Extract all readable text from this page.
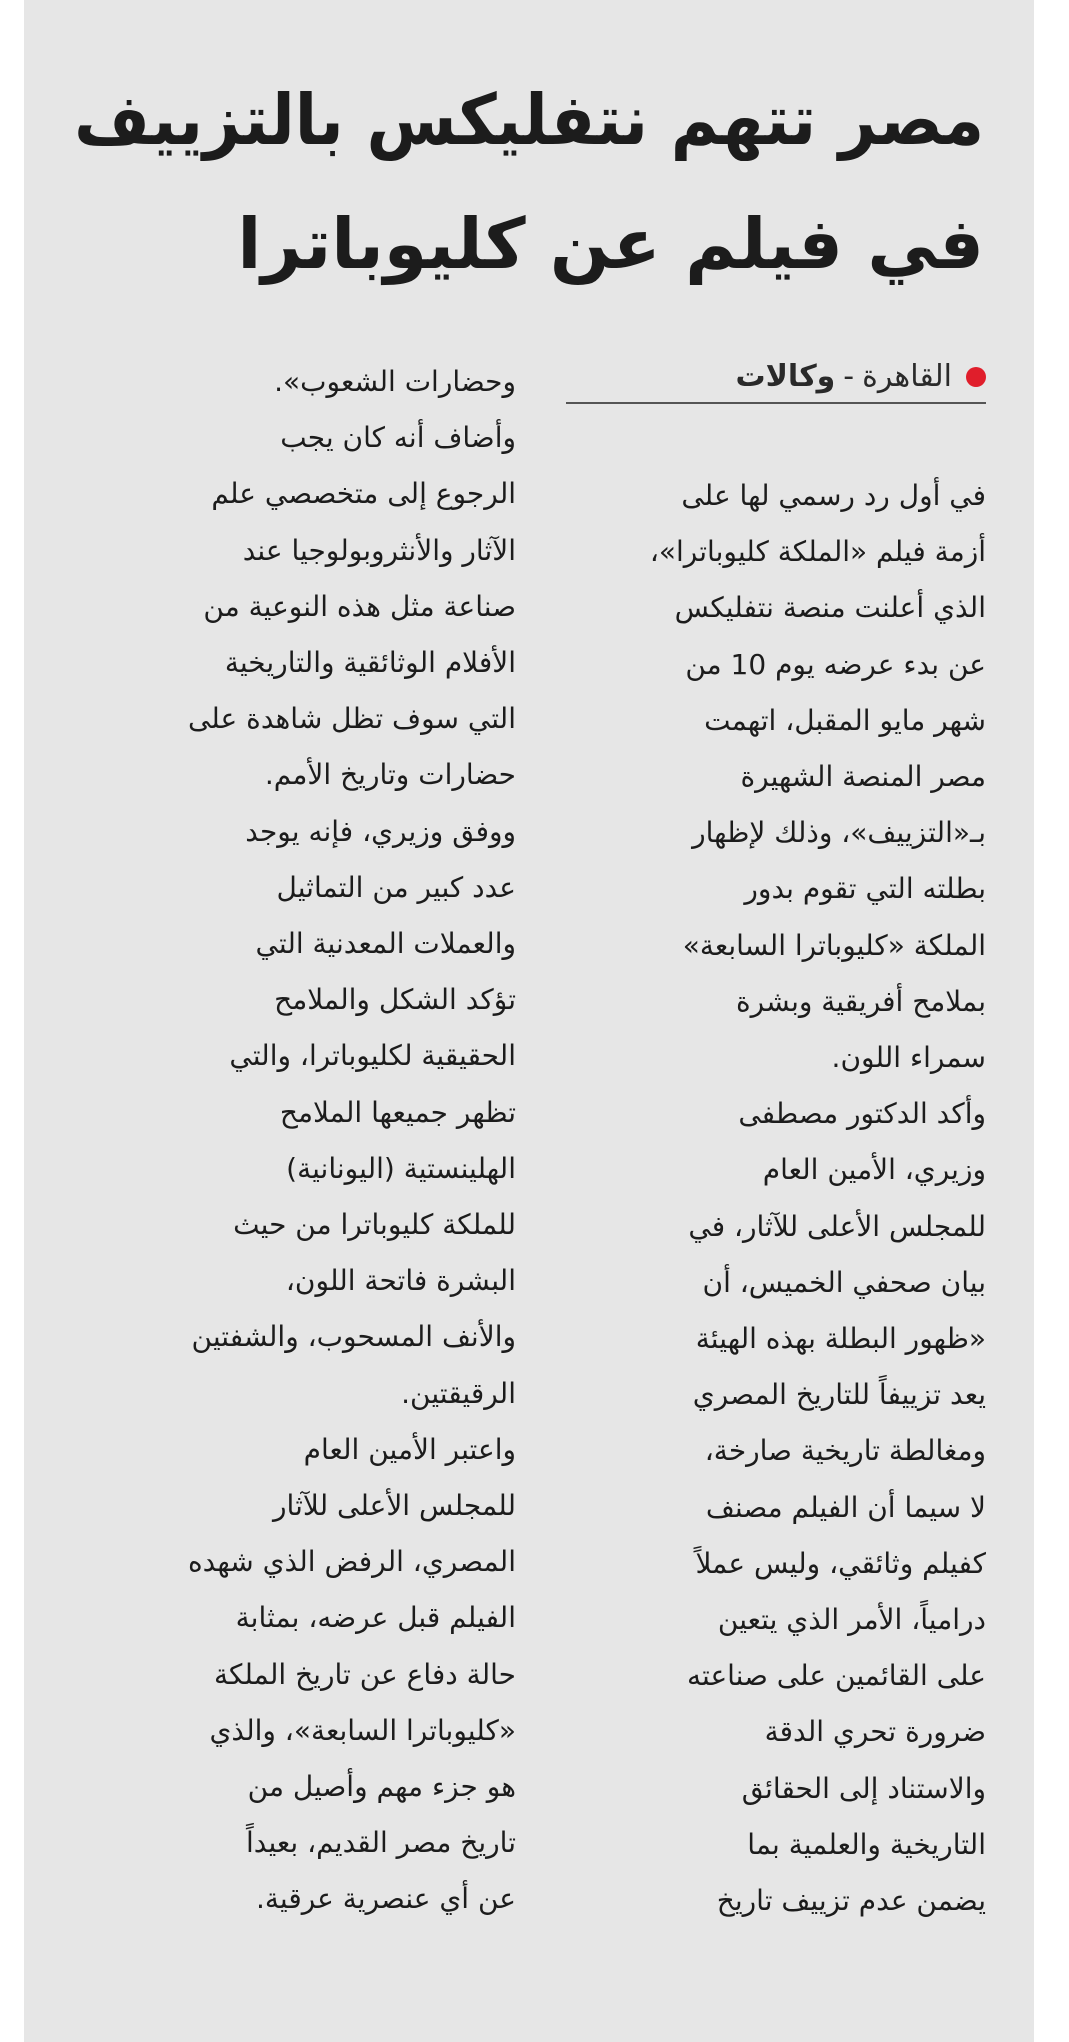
مصر تتهم نتفليكس بالتزييف
في فيلم عن كليوباترا
القاهرة
-
وكالات
في أول رد رسمي لها على
أزمة فيلم «الملكة كليوباترا»،
الذي أعلنت منصة نتفليكس
عن بدء عرضه يوم 10 من
شهر مايو المقبل، اتهمت
مصر المنصة الشهيرة
بـ«التزييف»، وذلك لإظهار
بطلته التي تقوم بدور
الملكة «كليوباترا السابعة»
بملامح أفريقية وبشرة
سمراء اللون.
وأكد الدكتور مصطفى
وزيري، الأمين العام
للمجلس الأعلى للآثار، في
بيان صحفي الخميس، أن
«ظهور البطلة بهذه الهيئة
يعد تزييفاً للتاريخ المصري
ومغالطة تاريخية صارخة،
لا سيما أن الفيلم مصنف
كفيلم وثائقي، وليس عملاً
درامياً، الأمر الذي يتعين
على القائمين على صناعته
ضرورة تحري الدقة
والاستناد إلى الحقائق
التاريخية والعلمية بما
يضمن عدم تزييف تاريخ
وحضارات الشعوب».
وأضاف أنه كان يجب
الرجوع إلى متخصصي علم
الآثار والأنثروبولوجيا عند
صناعة مثل هذه النوعية من
الأفلام الوثائقية والتاريخية
التي سوف تظل شاهدة على
حضارات وتاريخ الأمم.
ووفق وزيري، فإنه يوجد
عدد كبير من التماثيل
والعملات المعدنية التي
تؤكد الشكل والملامح
الحقيقية لكليوباترا، والتي
تظهر جميعها الملامح
الهلينستية (اليونانية)
للملكة كليوباترا من حيث
البشرة فاتحة اللون،
والأنف المسحوب، والشفتين
الرقيقتين.
واعتبر الأمين العام
للمجلس الأعلى للآثار
المصري، الرفض الذي شهده
الفيلم قبل عرضه، بمثابة
حالة دفاع عن تاريخ الملكة
«كليوباترا السابعة»، والذي
هو جزء مهم وأصيل من
تاريخ مصر القديم، بعيداً
عن أي عنصرية عرقية.
